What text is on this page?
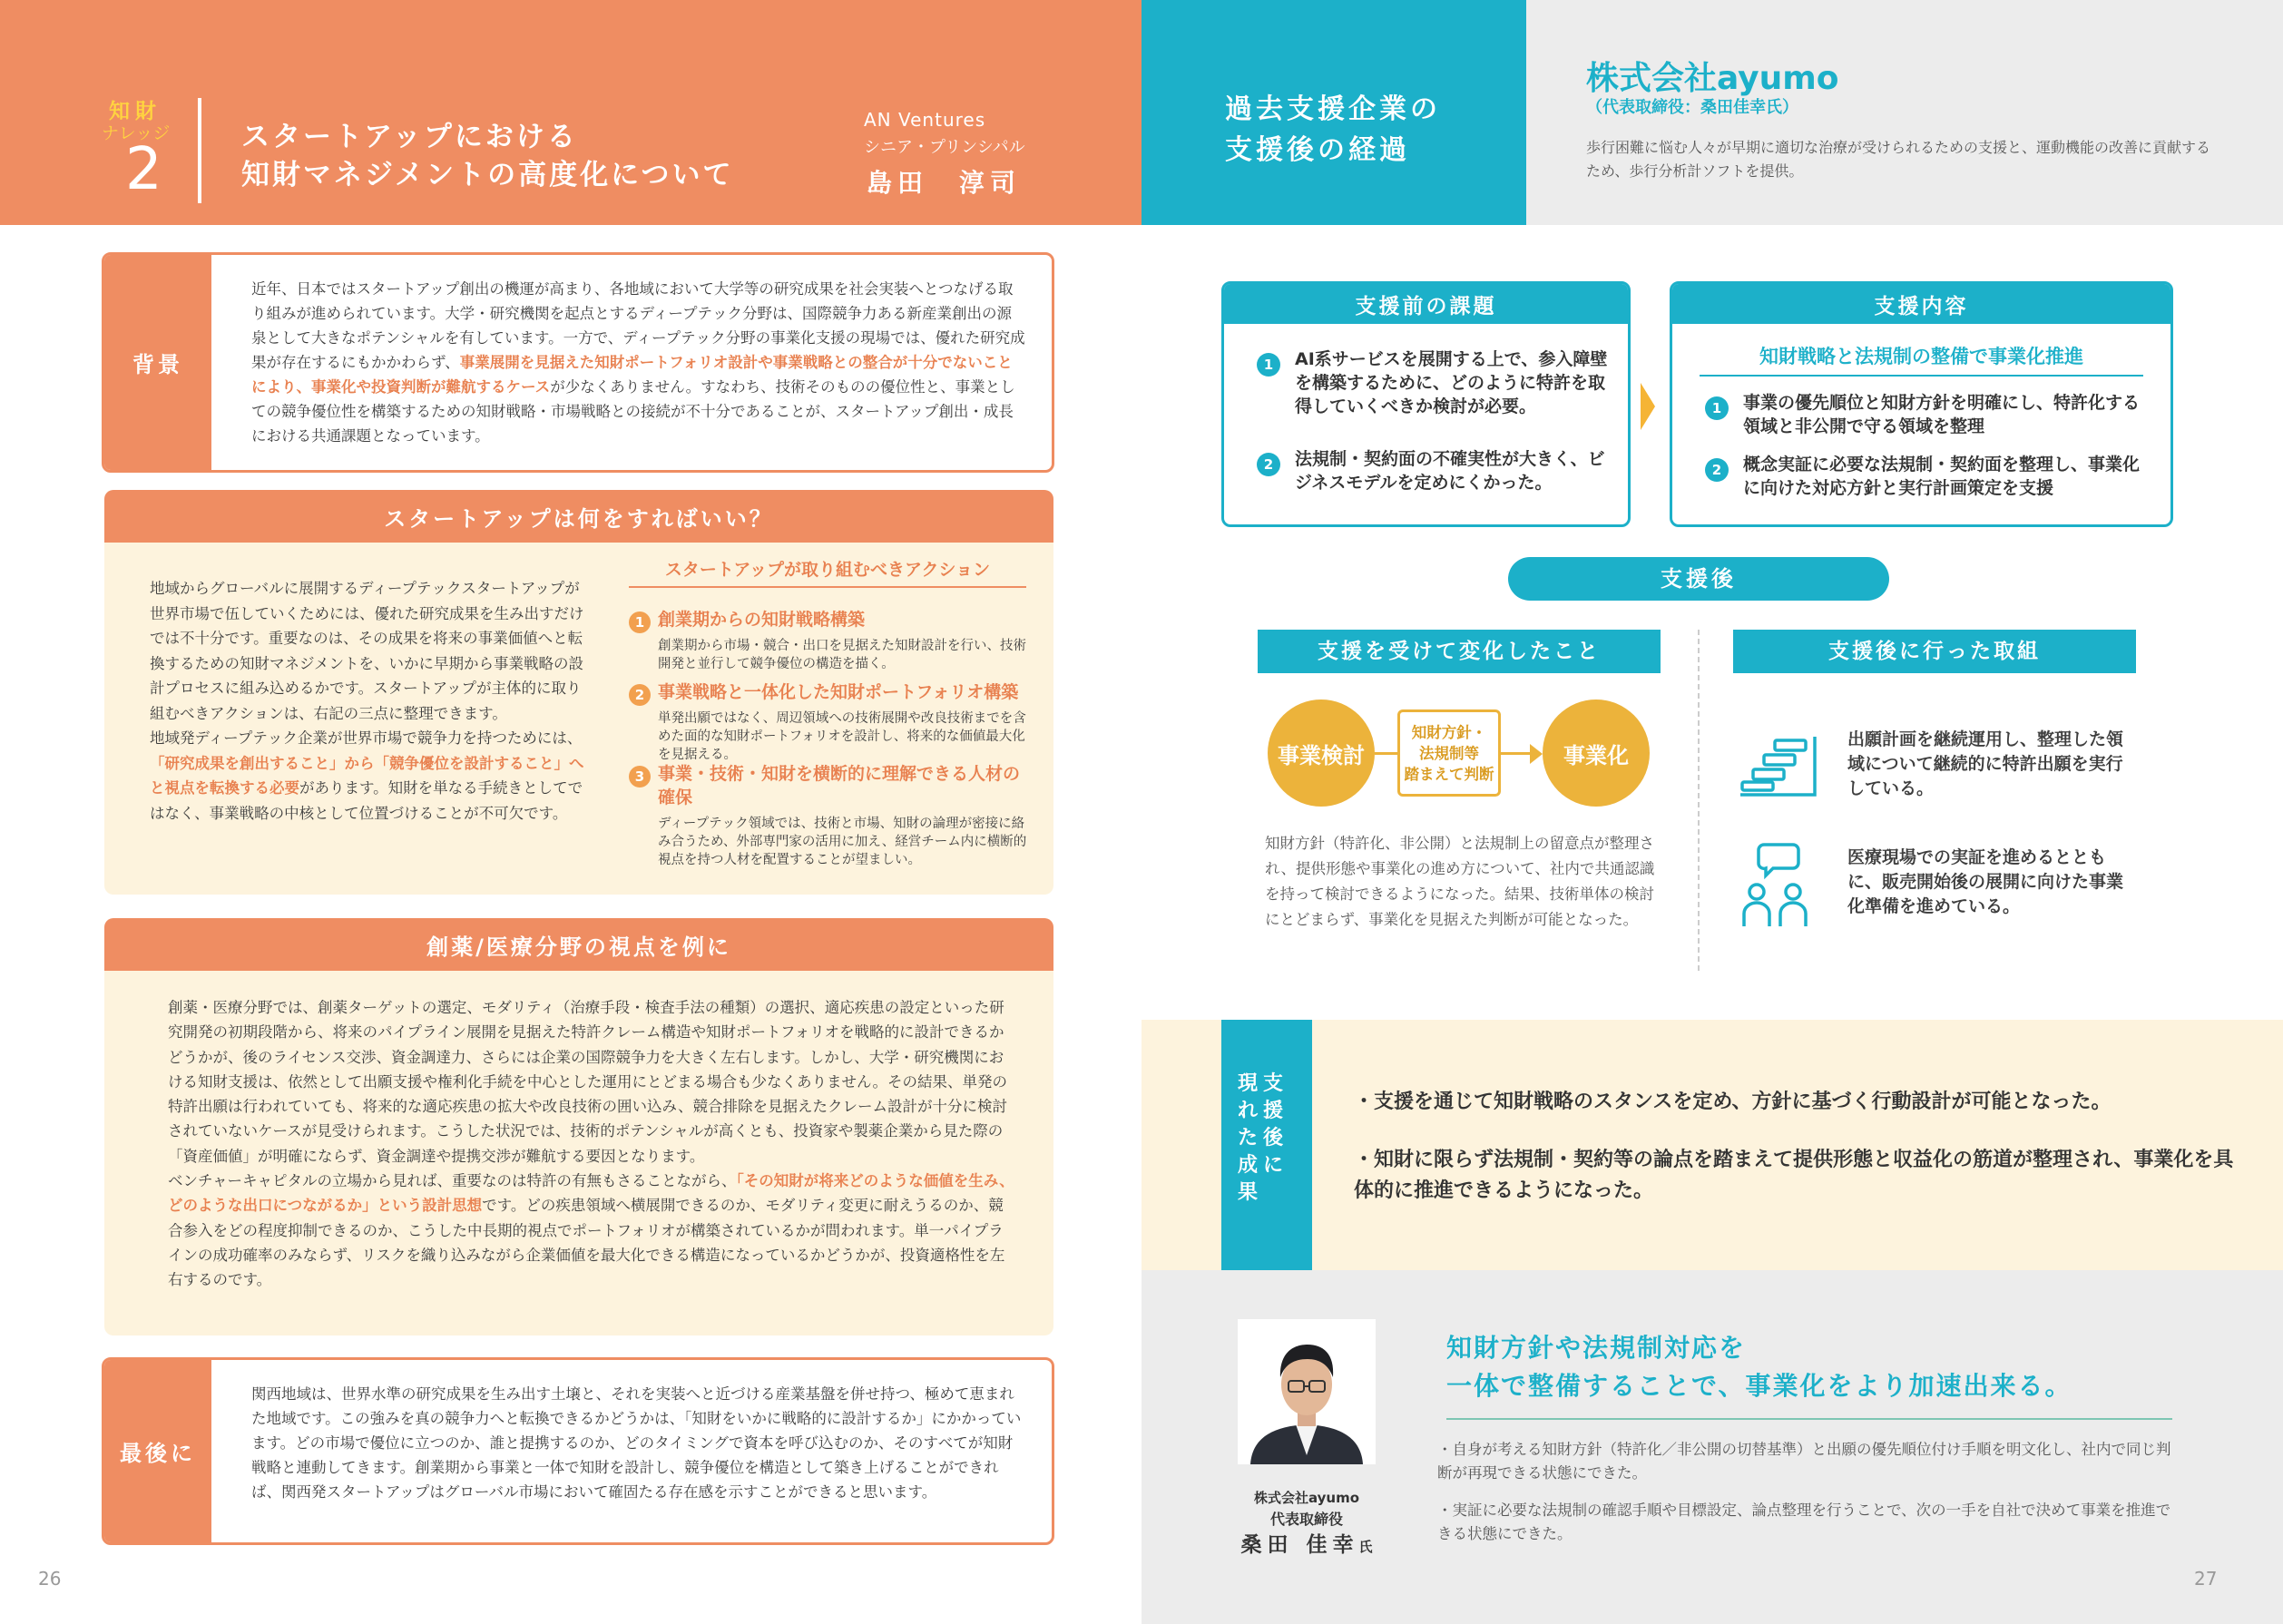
知財
ナレッジ
2	スタートアップにおける
知財マネジメントの高度化について
AN Ventures
シニア・プリンシパル
島田　淳司
背景
近年、日本ではスタートアップ創出の機運が高まり、各地域において大学等の研究成果を社会実装へとつなげる取り組みが進められています。大学・研究機関を起点とするディープテック分野は、国際競争力ある新産業創出の源泉として大きなポテンシャルを有しています。一方で、ディープテック分野の事業化支援の現場では、優れた研究成果が存在するにもかかわらず、事業展開を見据えた知財ポートフォリオ設計や事業戦略との整合が十分でないことにより、事業化や投資判断が難航するケースが少なくありません。すなわち、技術そのものの優位性と、事業としての競争優位性を構築するための知財戦略・市場戦略との接続が不十分であることが、スタートアップ創出・成長における共通課題となっています。
スタートアップは何をすればいい？
地域からグローバルに展開するディープテックスタートアップが世界市場で伍していくためには、優れた研究成果を生み出すだけでは不十分です。重要なのは、その成果を将来の事業価値へと転換するための知財マネジメントを、いかに早期から事業戦略の設計プロセスに組み込めるかです。スタートアップが主体的に取り組むべきアクションは、右記の三点に整理できます。
地域発ディープテック企業が世界市場で競争力を持つためには、「研究成果を創出すること」から「競争優位を設計すること」へと視点を転換する必要があります。知財を単なる手続きとしてではなく、事業戦略の中核として位置づけることが不可欠です。
スタートアップが取り組むべきアクション
1 創業期からの知財戦略構築
創業期から市場・競合・出口を見据えた知財設計を行い、技術開発と並行して競争優位の構造を描く。
2 事業戦略と一体化した知財ポートフォリオ構築
単発出願ではなく、周辺領域への技術展開や改良技術までを含めた面的な知財ポートフォリオを設計し、将来的な価値最大化を見据える。
3 事業・技術・知財を横断的に理解できる人材の確保
ディープテック領域では、技術と市場、知財の論理が密接に絡み合うため、外部専門家の活用に加え、経営チーム内に横断的視点を持つ人材を配置することが望ましい。
創薬/医療分野の視点を例に
創薬・医療分野では、創薬ターゲットの選定、モダリティ（治療手段・検査手法の種類）の選択、適応疾患の設定といった研究開発の初期段階から、将来のパイプライン展開を見据えた特許クレーム構造や知財ポートフォリオを戦略的に設計できるかどうかが、後のライセンス交渉、資金調達力、さらには企業の国際競争力を大きく左右します。しかし、大学・研究機関における知財支援は、依然として出願支援や権利化手続を中心とした運用にとどまる場合も少なくありません。その結果、単発の特許出願は行われていても、将来的な適応疾患の拡大や改良技術の囲い込み、競合排除を見据えたクレーム設計が十分に検討されていないケースが見受けられます。こうした状況では、技術的ポテンシャルが高くとも、投資家や製薬企業から見た際の「資産価値」が明確にならず、資金調達や提携交渉が難航する要因となります。
ベンチャーキャピタルの立場から見れば、重要なのは特許の有無もさることながら、「その知財が将来どのような価値を生み、どのような出口につながるか」という設計思想です。どの疾患領域へ横展開できるのか、モダリティ変更に耐えうるのか、競合参入をどの程度抑制できるのか、こうした中長期的視点でポートフォリオが構築されているかが問われます。単一パイプラインの成功確率のみならず、リスクを織り込みながら企業価値を最大化できる構造になっているかどうかが、投資適格性を左右するのです。
最後に
関西地域は、世界水準の研究成果を生み出す土壌と、それを実装へと近づける産業基盤を併せ持つ、極めて恵まれた地域です。この強みを真の競争力へと転換できるかどうかは、「知財をいかに戦略的に設計するか」にかかっています。どの市場で優位に立つのか、誰と提携するのか、どのタイミングで資本を呼び込むのか、そのすべてが知財戦略と連動してきます。創業期から事業と一体で知財を設計し、競争優位を構造として築き上げることができれば、関西発スタートアップはグローバル市場において確固たる存在感を示すことができると思います。
26
過去支援企業の
支援後の経過
株式会社ayumo
（代表取締役：桑田佳幸氏）
歩行困難に悩む人々が早期に適切な治療が受けられるための支援と、運動機能の改善に貢献するため、歩行分析計ソフトを提供。
支援前の課題
1	AI系サービスを展開する上で、参入障壁を構築するために、どのように特許を取得していくべきか検討が必要。
2	法規制・契約面の不確実性が大きく、ビジネスモデルを定めにくかった。
支援内容
知財戦略と法規制の整備で事業化推進
1	事業の優先順位と知財方針を明確にし、特許化する領域と非公開で守る領域を整理
2	概念実証に必要な法規制・契約面を整理し、事業化に向けた対応方針と実行計画策定を支援
支援後
支援を受けて変化したこと	支援後に行った取組
事業検討
知財方針・
法規制等
踏まえて判断
事業化
知財方針（特許化、非公開）と法規制上の留意点が整理され、提供形態や事業化の進め方について、社内で共通認識を持って検討できるようになった。結果、技術単体の検討にとどまらず、事業化を見据えた判断が可能となった。
出願計画を継続運用し、整理した領域について継続的に特許出願を実行している。
医療現場での実証を進めるとともに、販売開始後の展開に向けた事業化準備を進めている。
支
援
後
に
現
れ
た
成
果
・支援を通じて知財戦略のスタンスを定め、方針に基づく行動設計が可能となった。
・知財に限らず法規制・契約等の論点を踏まえて提供形態と収益化の筋道が整理され、事業化を具体的に推進できるようになった。
株式会社ayumo
代表取締役
桑田 佳幸氏
知財方針や法規制対応を
一体で整備することで、事業化をより加速出来る。
・自身が考える知財方針（特許化／非公開の切替基準）と出願の優先順位付け手順を明文化し、社内で同じ判断が再現できる状態にできた。
・実証に必要な法規制の確認手順や目標設定、論点整理を行うことで、次の一手を自社で決めて事業を推進できる状態にできた。
27
